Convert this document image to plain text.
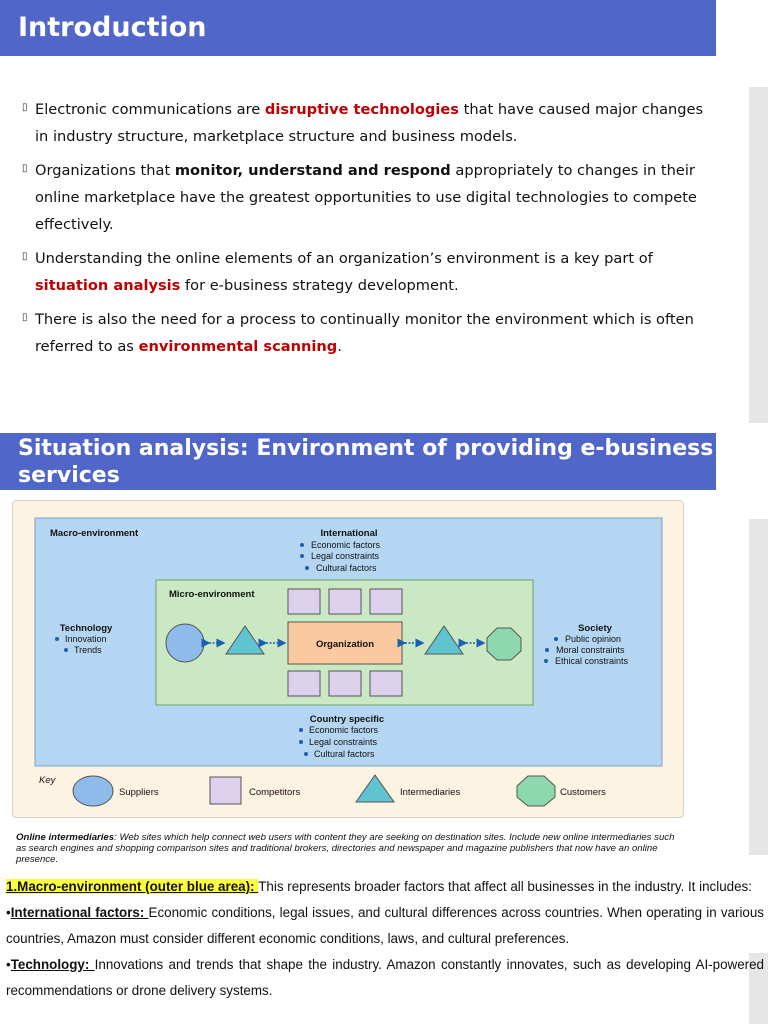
Introduction
▯ Electronic communications are disruptive technologies that have caused major changes in industry structure, marketplace structure and business models.
▯ Organizations that monitor, understand and respond appropriately to changes in their online marketplace have the greatest opportunities to use digital technologies to compete effectively.
▯ Understanding the online elements of an organization’s environment is a key part of situation analysis for e-business strategy development.
▯ There is also the need for a process to continually monitor the environment which is often referred to as environmental scanning.
Situation analysis: Environment of providing e-business services
Macro-environment	International
Economic factors
Legal constraints
Cultural factors
Micro-environment
Organization
Technology
Innovation
Trends
Society
Public opinion
Moral constraints
Ethical constraints
Country specific
Economic factors
Legal constraints
Cultural factors
Key
Suppliers	Competitors	Intermediaries	Customers
Online intermediaries: Web sites which help connect web users with content they are seeking on destination sites. Include new online intermediaries such as search engines and shopping comparison sites and traditional brokers, directories and newspaper and magazine publishers that now have an online presence.
1.Macro-environment (outer blue area): This represents broader factors that affect all businesses in the industry. It includes:
•International factors: Economic conditions, legal issues, and cultural differences across countries. When operating in various countries, Amazon must consider different economic conditions, laws, and cultural preferences.
•Technology: Innovations and trends that shape the industry. Amazon constantly innovates, such as developing AI-powered recommendations or drone delivery systems.
